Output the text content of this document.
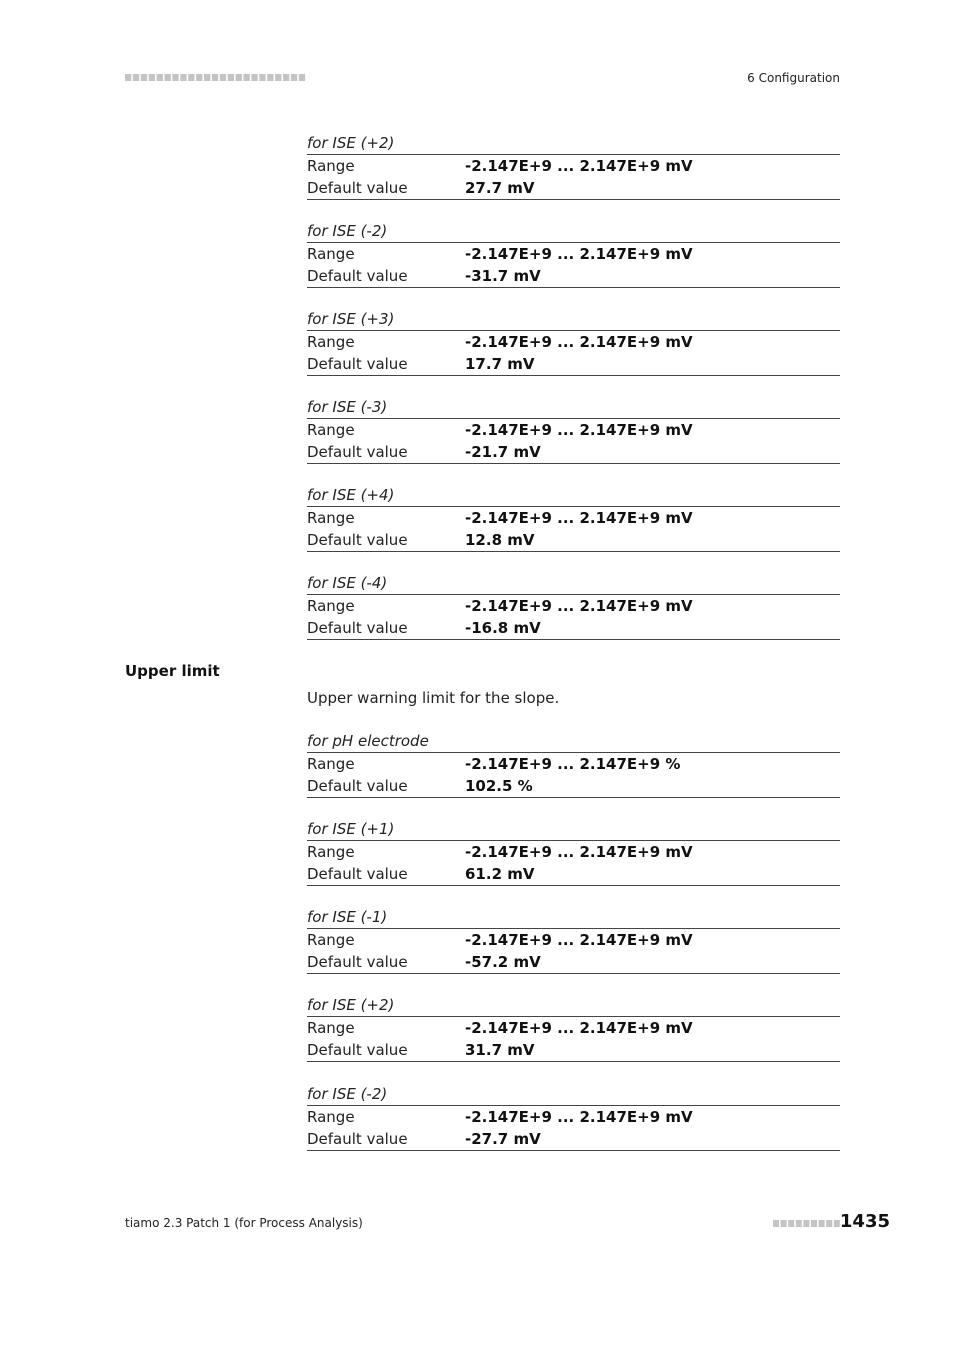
6 Configuration
for ISE (+2)
Range	-2.147E+9 ... 2.147E+9 mV
Default value	27.7 mV
for ISE (-2)
Range	-2.147E+9 ... 2.147E+9 mV
Default value	-31.7 mV
for ISE (+3)
Range	-2.147E+9 ... 2.147E+9 mV
Default value	17.7 mV
for ISE (-3)
Range	-2.147E+9 ... 2.147E+9 mV
Default value	-21.7 mV
for ISE (+4)
Range	-2.147E+9 ... 2.147E+9 mV
Default value	12.8 mV
for ISE (-4)
Range	-2.147E+9 ... 2.147E+9 mV
Default value	-16.8 mV
Upper limit
Upper warning limit for the slope.
for pH electrode
Range	-2.147E+9 ... 2.147E+9 %
Default value	102.5 %
for ISE (+1)
Range	-2.147E+9 ... 2.147E+9 mV
Default value	61.2 mV
for ISE (-1)
Range	-2.147E+9 ... 2.147E+9 mV
Default value	-57.2 mV
for ISE (+2)
Range	-2.147E+9 ... 2.147E+9 mV
Default value	31.7 mV
for ISE (-2)
Range	-2.147E+9 ... 2.147E+9 mV
Default value	-27.7 mV
tiamo 2.3 Patch 1 (for Process Analysis)	1435
